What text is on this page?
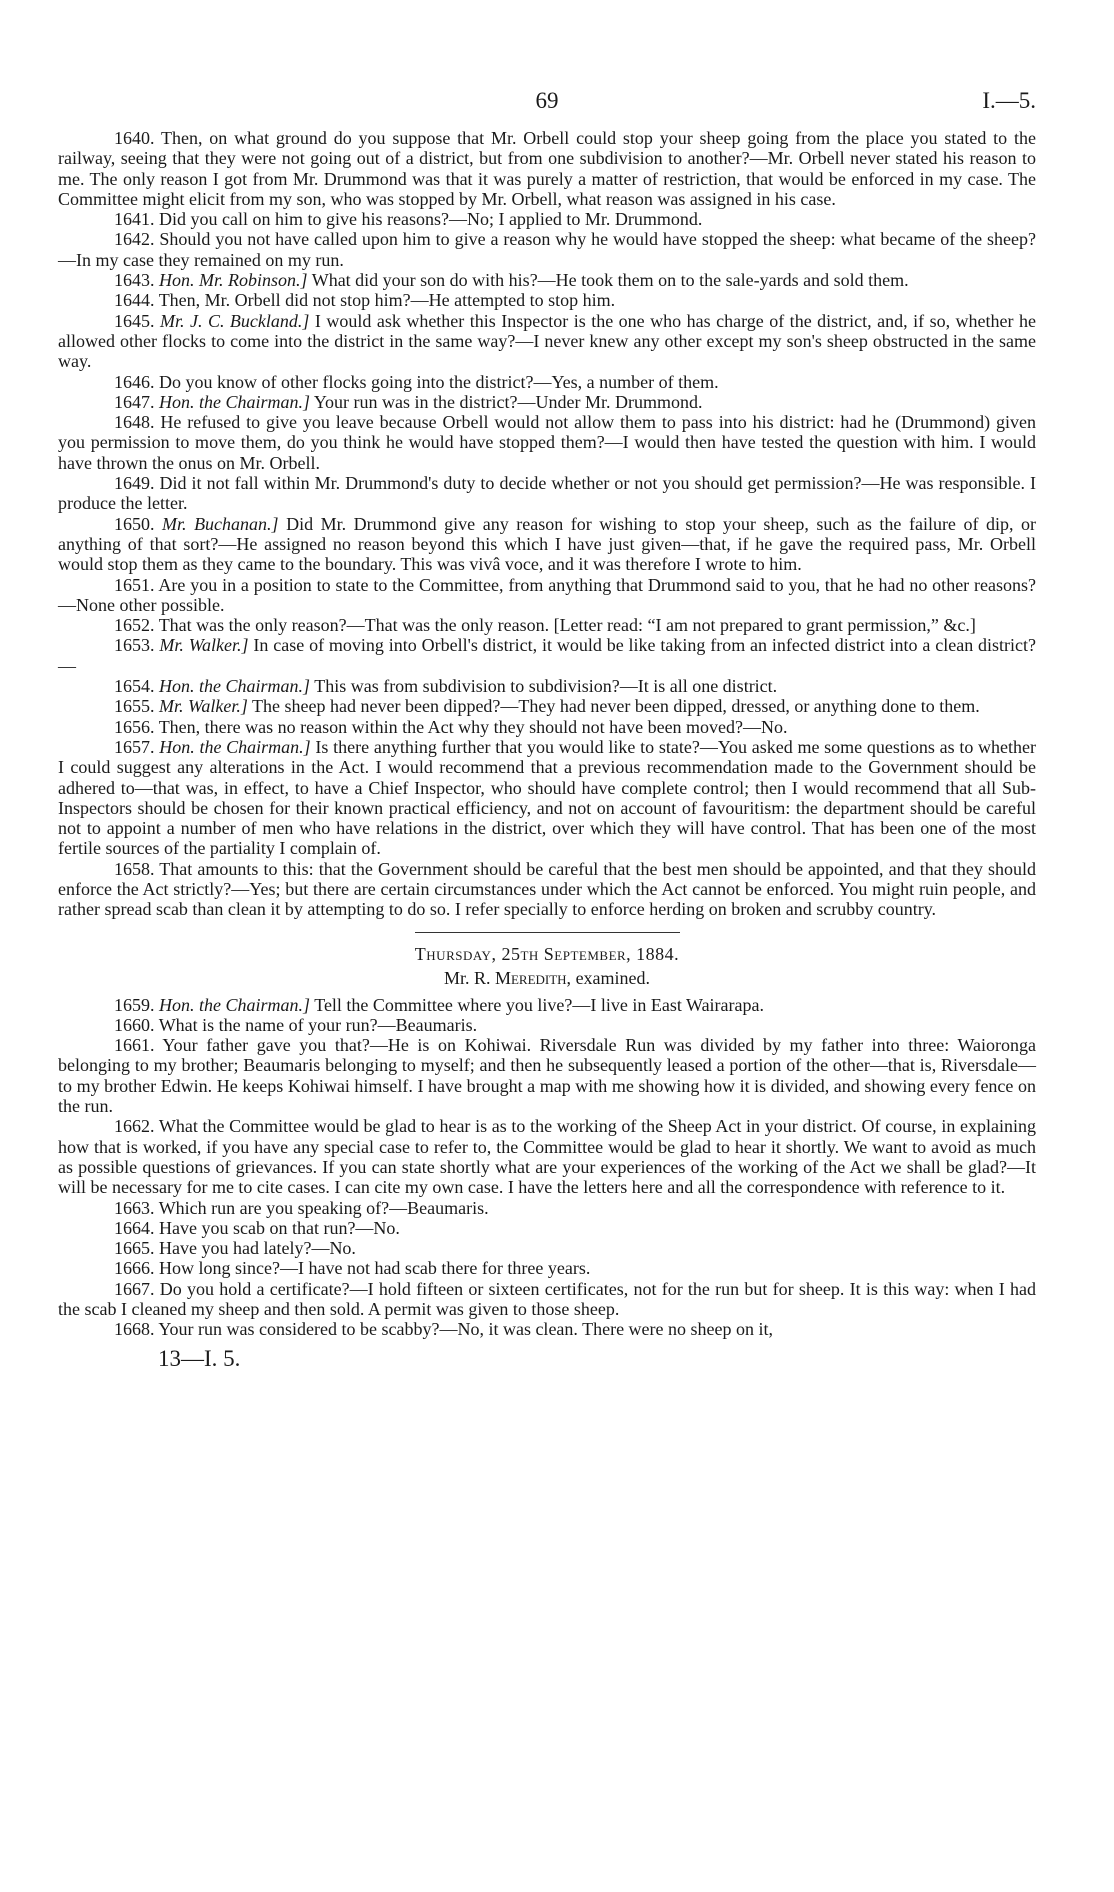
69	I.—5.

1640. Then, on what ground do you suppose that Mr. Orbell could stop your sheep going from the place you stated to the railway, seeing that they were not going out of a district, but from one subdivision to another?—Mr. Orbell never stated his reason to me. The only reason I got from Mr. Drummond was that it was purely a matter of restriction, that would be enforced in my case. The Committee might elicit from my son, who was stopped by Mr. Orbell, what reason was assigned in his case.

1641. Did you call on him to give his reasons?—No; I applied to Mr. Drummond.

1642. Should you not have called upon him to give a reason why he would have stopped the sheep: what became of the sheep?—In my case they remained on my run.

1643. Hon. Mr. Robinson.] What did your son do with his?—He took them on to the sale-yards and sold them.

1644. Then, Mr. Orbell did not stop him?—He attempted to stop him.

1645. Mr. J. C. Buckland.] I would ask whether this Inspector is the one who has charge of the district, and, if so, whether he allowed other flocks to come into the district in the same way?—I never knew any other except my son's sheep obstructed in the same way.

1646. Do you know of other flocks going into the district?—Yes, a number of them.

1647. Hon. the Chairman.] Your run was in the district?—Under Mr. Drummond.

1648. He refused to give you leave because Orbell would not allow them to pass into his district: had he (Drummond) given you permission to move them, do you think he would have stopped them?—I would then have tested the question with him. I would have thrown the onus on Mr. Orbell.

1649. Did it not fall within Mr. Drummond's duty to decide whether or not you should get permission?—He was responsible. I produce the letter.

1650. Mr. Buchanan.] Did Mr. Drummond give any reason for wishing to stop your sheep, such as the failure of dip, or anything of that sort?—He assigned no reason beyond this which I have just given—that, if he gave the required pass, Mr. Orbell would stop them as they came to the boundary. This was vivâ voce, and it was therefore I wrote to him.

1651. Are you in a position to state to the Committee, from anything that Drummond said to you, that he had no other reasons?—None other possible.

1652. That was the only reason?—That was the only reason. [Letter read: “I am not prepared to grant permission,” &c.]

1653. Mr. Walker.] In case of moving into Orbell's district, it would be like taking from an infected district into a clean district?—

1654. Hon. the Chairman.] This was from subdivision to subdivision?—It is all one district.

1655. Mr. Walker.] The sheep had never been dipped?—They had never been dipped, dressed, or anything done to them.

1656. Then, there was no reason within the Act why they should not have been moved?—No.

1657. Hon. the Chairman.] Is there anything further that you would like to state?—You asked me some questions as to whether I could suggest any alterations in the Act. I would recommend that a previous recommendation made to the Government should be adhered to—that was, in effect, to have a Chief Inspector, who should have complete control; then I would recommend that all Sub-Inspectors should be chosen for their known practical efficiency, and not on account of favouritism: the department should be careful not to appoint a number of men who have relations in the district, over which they will have control. That has been one of the most fertile sources of the partiality I complain of.

1658. That amounts to this: that the Government should be careful that the best men should be appointed, and that they should enforce the Act strictly?—Yes; but there are certain circumstances under which the Act cannot be enforced. You might ruin people, and rather spread scab than clean it by attempting to do so. I refer specially to enforce herding on broken and scrubby country.

Thursday, 25th September, 1884.
Mr. R. Meredith, examined.

1659. Hon. the Chairman.] Tell the Committee where you live?—I live in East Wairarapa.

1660. What is the name of your run?—Beaumaris.

1661. Your father gave you that?—He is on Kohiwai. Riversdale Run was divided by my father into three: Waioronga belonging to my brother; Beaumaris belonging to myself; and then he subsequently leased a portion of the other—that is, Riversdale—to my brother Edwin. He keeps Kohiwai himself. I have brought a map with me showing how it is divided, and showing every fence on the run.

1662. What the Committee would be glad to hear is as to the working of the Sheep Act in your district. Of course, in explaining how that is worked, if you have any special case to refer to, the Committee would be glad to hear it shortly. We want to avoid as much as possible questions of grievances. If you can state shortly what are your experiences of the working of the Act we shall be glad?—It will be necessary for me to cite cases. I can cite my own case. I have the letters here and all the correspondence with reference to it.

1663. Which run are you speaking of?—Beaumaris.

1664. Have you scab on that run?—No.

1665. Have you had lately?—No.

1666. How long since?—I have not had scab there for three years.

1667. Do you hold a certificate?—I hold fifteen or sixteen certificates, not for the run but for sheep. It is this way: when I had the scab I cleaned my sheep and then sold. A permit was given to those sheep.

1668. Your run was considered to be scabby?—No, it was clean. There were no sheep on it,

13—I. 5.
